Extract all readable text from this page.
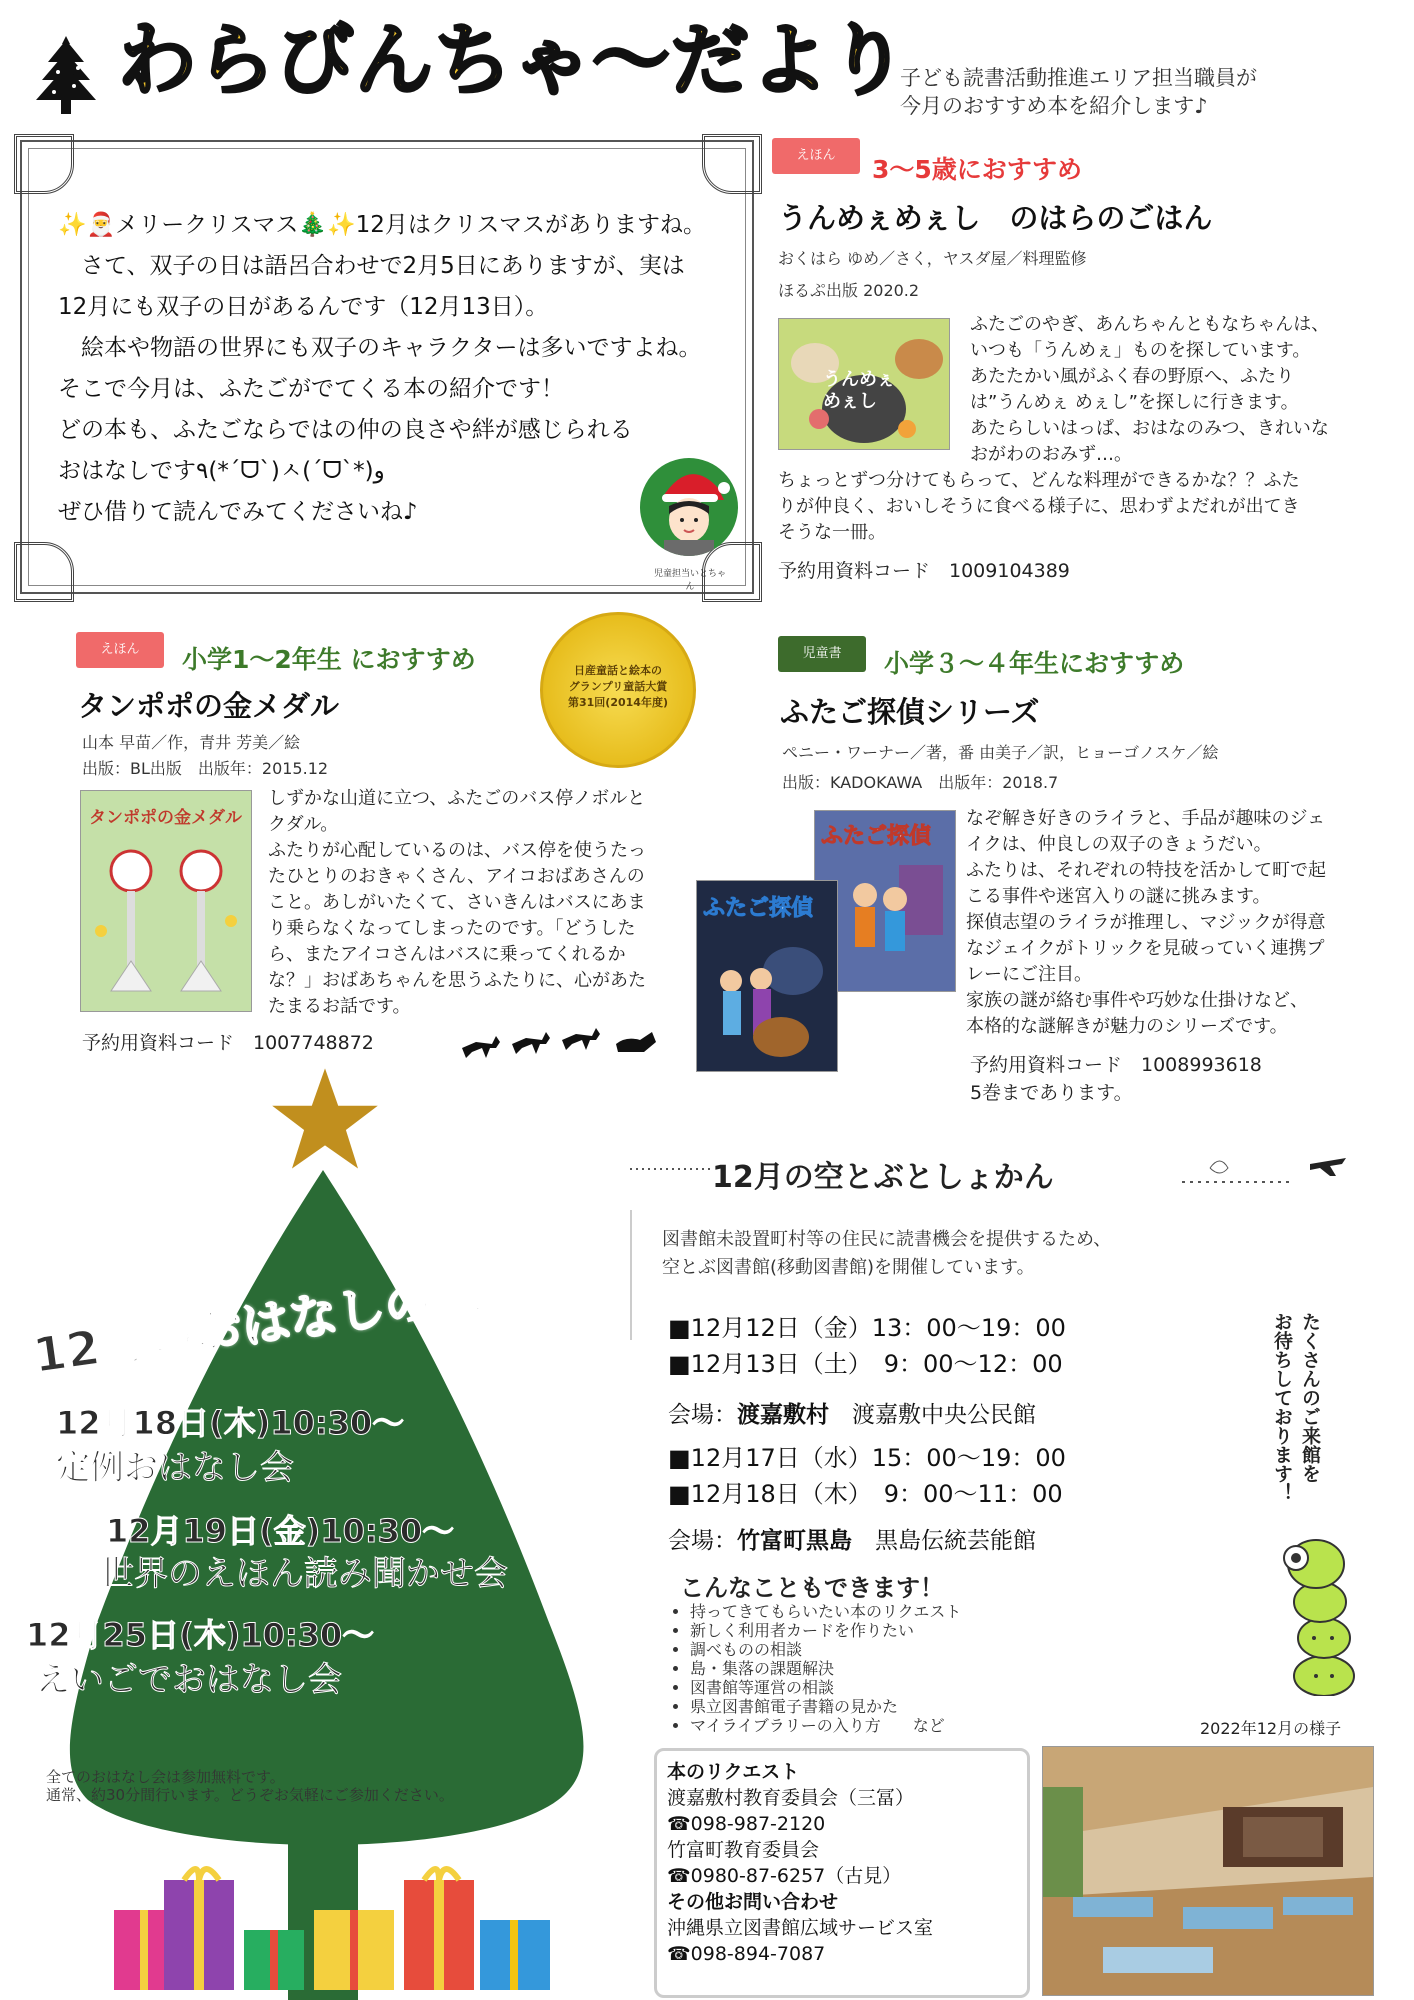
わらびんちゃ〜だより
子ども読書活動推進エリア担当職員が
今月のおすすめ本を紹介します♪

✨🎅メリークリスマス🎄✨12月はクリスマスがありますね。

　さて、双子の日は語呂合わせで2月5日にありますが、実は

12月にも双子の日があるんです（12月13日）。

　絵本や物語の世界にも双子のキャラクターは多いですよね。

そこで今月は、ふたごがでてくる本の紹介です！

どの本も、ふたごならではの仲の良さや絆が感じられる

おはなしです٩(*´ᗜ`)ㅅ(ˊᗜˋ*)و

ぜひ借りて読んでみてくださいね♪

児童担当いとちゃん
えほん	3〜5歳におすすめ
うんめぇめぇし　のはらのごはん
おくはら ゆめ／さく，ヤスダ屋／料理監修
ほるぷ出版 2020.2
うんめぇめぇし

ふたごのやぎ、あんちゃんともなちゃんは、

いつも「うんめぇ」ものを探しています。

あたたかい風がふく春の野原へ、ふたり

は”うんめぇ めぇし”を探しに行きます。

あたらしいはっぱ、おはなのみつ、きれいな

おがわのおみず…。

ちょっとずつ分けてもらって、どんな料理ができるかな？？ふた

りが仲良く、おいしそうに食べる様子に、思わずよだれが出てき

そうな一冊。

予約用資料コード　1009104389
えほん	小学1〜2年生 におすすめ
タンポポの金メダル
山本 早苗／作，青井 芳美／絵
出版：BL出版　出版年：2015.12
日産童話と絵本の
グランプリ童話大賞
第31回(2014年度)
タンポポの金メダル

しずかな山道に立つ、ふたごのバス停ノボルと

クダル。

ふたりが心配しているのは、バス停を使うたっ

たひとりのおきゃくさん、アイコおばあさんの

こと。あしがいたくて、さいきんはバスにあま

り乗らなくなってしまったのです。「どうした

ら、またアイコさんはバスに乗ってくれるか

な？」おばあちゃんを思うふたりに、心があた

たまるお話です。

予約用資料コード　1007748872
児童書	小学３〜４年生におすすめ
ふたご探偵シリーズ
ペニー・ワーナー／著，番 由美子／訳，ヒョーゴノスケ／絵
出版：KADOKAWA　出版年：2018.7
ふたご探偵
ふたご探偵

なぞ解き好きのライラと、手品が趣味のジェ

イクは、仲良しの双子のきょうだい。

ふたりは、それぞれの特技を活かして町で起

こる事件や迷宮入りの謎に挑みます。

探偵志望のライラが推理し、マジックが得意

なジェイクがトリックを見破っていく連携プ

レーにご注目。

家族の謎が絡む事件や巧妙な仕掛けなど、

本格的な謎解きが魅力のシリーズです。

予約用資料コード　1008993618
5巻まであります。
12月のおはなしの森
12月18日(木)10:30〜
定例おはなし会
12月19日(金)10:30〜
世界のえほん読み聞かせ会
12月25日(木)10:30〜
えいごでおはなし会
全てのおはなし会は参加無料です。
通常、約30分間行います。どうぞお気軽にご参加ください。
12月の空とぶとしょかん
図書館未設置町村等の住民に読書機会を提供するため、
空とぶ図書館(移動図書館)を開催しています。
■12月12日（金）13：00〜19：00
■12月13日（土）　9：00〜12：00
会場：渡嘉敷村　 渡嘉敷中央公民館
■12月17日（水）15：00〜19：00
■12月18日（木）　9：00〜11：00
会場：竹富町黒島　 黒島伝統芸能館
こんなこともできます！
• 持ってきてもらいたい本のリクエスト
• 新しく利用者カードを作りたい
• 調べものの相談
• 島・集落の課題解決
• 図書館等運営の相談
• 県立図書館電子書籍の見かた
• マイライブラリーの入り方　　など
たくさんのご来館を
お待ちしております！
本のリクエスト
渡嘉敷村教育委員会（三冨）
☎098-987-2120
竹富町教育委員会
☎0980-87-6257（古見）
その他お問い合わせ
沖縄県立図書館広域サービス室
☎098-894-7087
2022年12月の様子
